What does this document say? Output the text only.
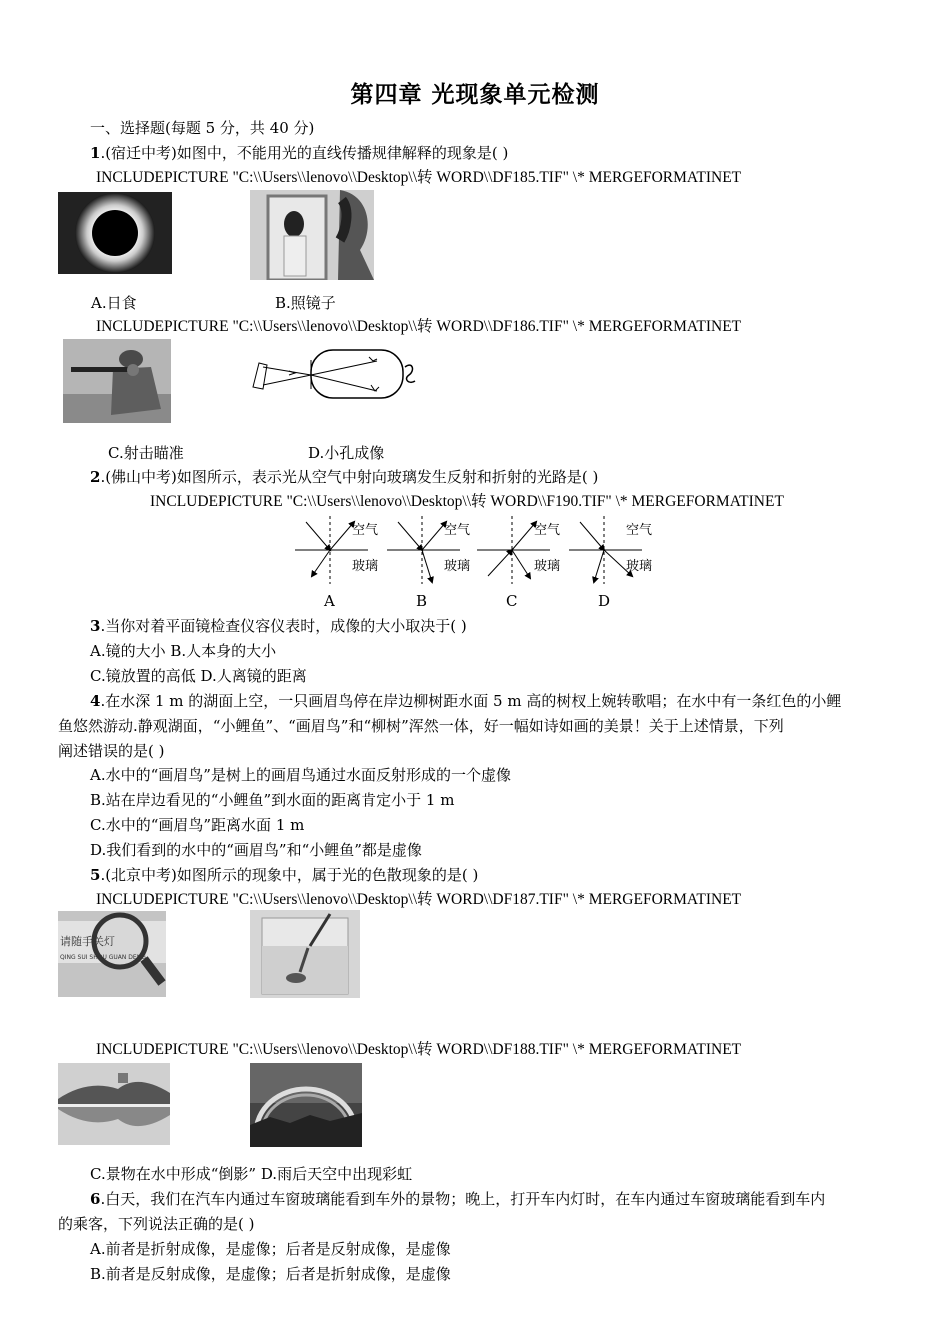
第四章 光现象单元检测
一、选择题(每题 5 分，共 40 分)
1.(宿迁中考)如图中，不能用光的直线传播规律解释的现象是( )
INCLUDEPICTURE "C:\\Users\\lenovo\\Desktop\\转 WORD\\DF185.TIF" \* MERGEFORMATINET
A.日食	B.照镜子
INCLUDEPICTURE "C:\\Users\\lenovo\\Desktop\\转 WORD\\DF186.TIF" \* MERGEFORMATINET
C.射击瞄准	D.小孔成像
2.(佛山中考)如图所示，表示光从空气中射向玻璃发生反射和折射的光路是( )
INCLUDEPICTURE "C:\\Users\\lenovo\\Desktop\\转 WORD\\F190.TIF" \* MERGEFORMATINET
空气
玻璃
A
空气
玻璃
B
空气
玻璃
C
空气
玻璃
D
3.当你对着平面镜检查仪容仪表时，成像的大小取决于( )
A.镜的大小 B.人本身的大小
C.镜放置的高低 D.人离镜的距离
4.在水深 1 m 的湖面上空，一只画眉鸟停在岸边柳树距水面 5 m 高的树杈上婉转歌唱；在水中有一条红色的小鲤
鱼悠然游动.静观湖面，“小鲤鱼”、“画眉鸟”和“柳树”浑然一体，好一幅如诗如画的美景！关于上述情景，下列
阐述错误的是( )
A.水中的“画眉鸟”是树上的画眉鸟通过水面反射形成的一个虚像
B.站在岸边看见的“小鲤鱼”到水面的距离肯定小于 1 m
C.水中的“画眉鸟”距离水面 1 m
D.我们看到的水中的“画眉鸟”和“小鲤鱼”都是虚像
5.(北京中考)如图所示的现象中，属于光的色散现象的是( )
INCLUDEPICTURE "C:\\Users\\lenovo\\Desktop\\转 WORD\\DF187.TIF" \* MERGEFORMATINET
请随手关灯
QING SUI SHOU GUAN DENG
INCLUDEPICTURE "C:\\Users\\lenovo\\Desktop\\转 WORD\\DF188.TIF" \* MERGEFORMATINET
C.景物在水中形成“倒影” D.雨后天空中出现彩虹
6.白天，我们在汽车内通过车窗玻璃能看到车外的景物；晚上，打开车内灯时，在车内通过车窗玻璃能看到车内
的乘客，下列说法正确的是( )
A.前者是折射成像，是虚像；后者是反射成像，是虚像
B.前者是反射成像，是虚像；后者是折射成像，是虚像
